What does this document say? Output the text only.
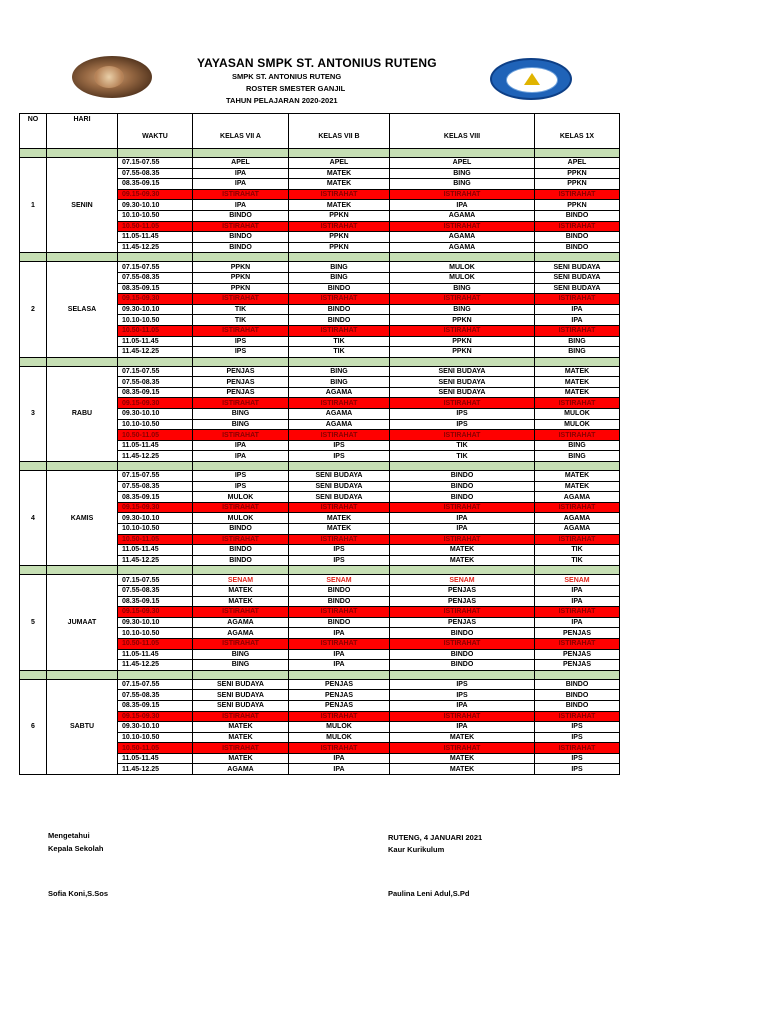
YAYASAN SMPK ST. ANTONIUS RUTENG
SMPK ST. ANTONIUS RUTENG
ROSTER SMESTER GANJIL
TAHUN PELAJARAN 2020-2021
NO	HARI					
		WAKTU	KELAS VII A	KELAS VII B	KELAS VIII	KELAS 1X

1	SENIN	07.15-07.55	APEL	APEL	APEL	APEL
		07.55-08.35	IPA	MATEK	BING	PPKN
		08.35-09.15	IPA	MATEK	BING	PPKN
		09.15-09.30	ISTIRAHAT	ISTIRAHAT	ISTIRAHAT	ISTIRAHAT
		09.30-10.10	IPA	MATEK	IPA	PPKN
		10.10-10.50	BINDO	PPKN	AGAMA	BINDO
		10.50-11.05	ISTIRAHAT	ISTIRAHAT	ISTIRAHAT	ISTIRAHAT
		11.05-11.45	BINDO	PPKN	AGAMA	BINDO
		11.45-12.25	BINDO	PPKN	AGAMA	BINDO

2	SELASA	07.15-07.55	PPKN	BING	MULOK	SENI BUDAYA
		07.55-08.35	PPKN	BING	MULOK	SENI BUDAYA
		08.35-09.15	PPKN	BINDO	BING	SENI BUDAYA
		09.15-09.30	ISTIRAHAT	ISTIRAHAT	ISTIRAHAT	ISTIRAHAT
		09.30-10.10	TIK	BINDO	BING	IPA
		10.10-10.50	TIK	BINDO	PPKN	IPA
		10.50-11.05	ISTIRAHAT	ISTIRAHAT	ISTIRAHAT	ISTIRAHAT
		11.05-11.45	IPS	TIK	PPKN	BING
		11.45-12.25	IPS	TIK	PPKN	BING

3	RABU	07.15-07.55	PENJAS	BING	SENI BUDAYA	MATEK
		07.55-08.35	PENJAS	BING	SENI BUDAYA	MATEK
		08.35-09.15	PENJAS	AGAMA	SENI BUDAYA	MATEK
		09.15-09.30	ISTIRAHAT	ISTIRAHAT	ISTIRAHAT	ISTIRAHAT
		09.30-10.10	BING	AGAMA	IPS	MULOK
		10.10-10.50	BING	AGAMA	IPS	MULOK
		10.50-11.05	ISTIRAHAT	ISTIRAHAT	ISTIRAHAT	ISTIRAHAT
		11.05-11.45	IPA	IPS	TIK	BING
		11.45-12.25	IPA	IPS	TIK	BING

4	KAMIS	07.15-07.55	IPS	SENI BUDAYA	BINDO	MATEK
		07.55-08.35	IPS	SENI BUDAYA	BINDO	MATEK
		08.35-09.15	MULOK	SENI BUDAYA	BINDO	AGAMA
		09.15-09.30	ISTIRAHAT	ISTIRAHAT	ISTIRAHAT	ISTIRAHAT
		09.30-10.10	MULOK	MATEK	IPA	AGAMA
		10.10-10.50	BINDO	MATEK	IPA	AGAMA
		10.50-11.05	ISTIRAHAT	ISTIRAHAT	ISTIRAHAT	ISTIRAHAT
		11.05-11.45	BINDO	IPS	MATEK	TIK
		11.45-12.25	BINDO	IPS	MATEK	TIK

5	JUMAAT	07.15-07.55	SENAM	SENAM	SENAM	SENAM
		07.55-08.35	MATEK	BINDO	PENJAS	IPA
		08.35-09.15	MATEK	BINDO	PENJAS	IPA
		09.15-09.30	ISTIRAHAT	ISTIRAHAT	ISTIRAHAT	ISTIRAHAT
		09.30-10.10	AGAMA	BINDO	PENJAS	IPA
		10.10-10.50	AGAMA	IPA	BINDO	PENJAS
		10.50-11.05	ISTIRAHAT	ISTIRAHAT	ISTIRAHAT	ISTIRAHAT
		11.05-11.45	BING	IPA	BINDO	PENJAS
		11.45-12.25	BING	IPA	BINDO	PENJAS

6	SABTU	07.15-07.55	SENI BUDAYA	PENJAS	IPS	BINDO
		07.55-08.35	SENI BUDAYA	PENJAS	IPS	BINDO
		08.35-09.15	SENI BUDAYA	PENJAS	IPA	BINDO
		09.15-09.30	ISTIRAHAT	ISTIRAHAT	ISTIRAHAT	ISTIRAHAT
		09.30-10.10	MATEK	MULOK	IPA	IPS
		10.10-10.50	MATEK	MULOK	MATEK	IPS
		10.50-11.05	ISTIRAHAT	ISTIRAHAT	ISTIRAHAT	ISTIRAHAT
		11.05-11.45	MATEK	IPA	MATEK	IPS
		11.45-12.25	AGAMA	IPA	MATEK	IPS
Mengetahui
Kepala Sekolah
Sofia Koni,S.Sos
RUTENG, 4 JANUARI 2021
Kaur Kurikulum
Paulina Leni Adul,S.Pd
